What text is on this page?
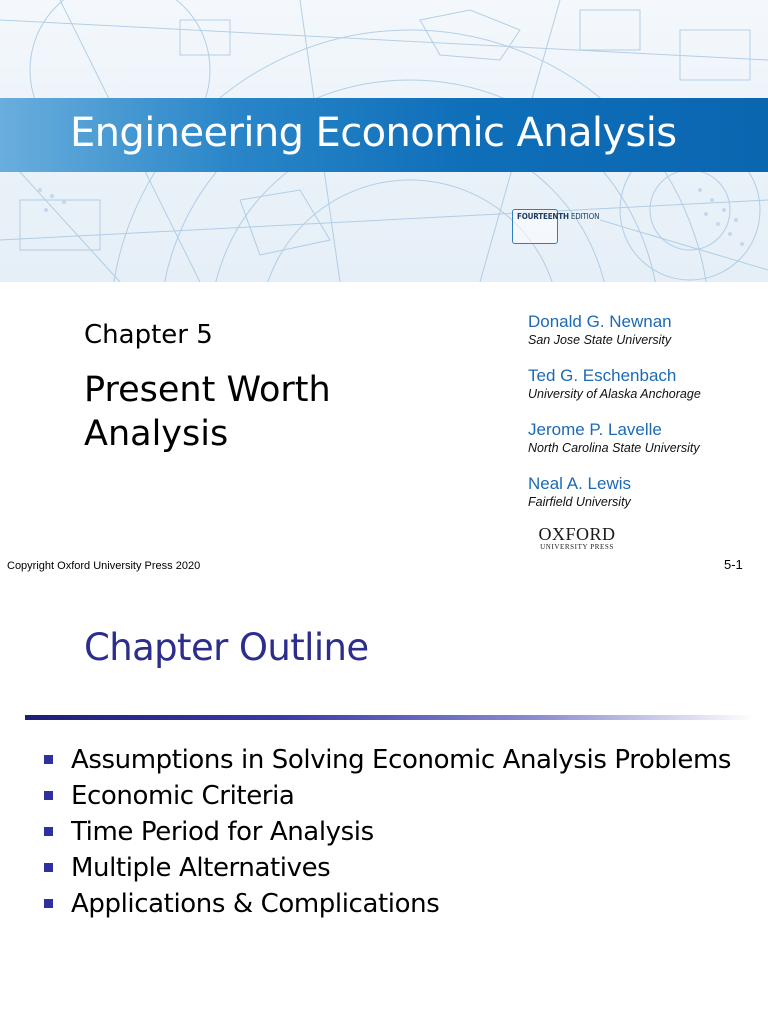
Engineering Economic Analysis
FOURTEENTH EDITION
Chapter 5
Present Worth Analysis
Donald G. Newnan
San Jose State University
Ted G. Eschenbach
University of Alaska Anchorage
Jerome P. Lavelle
North Carolina State University
Neal A. Lewis
Fairfield University
OXFORD
UNIVERSITY PRESS
Copyright Oxford University Press 2020	5-1
Chapter Outline
Assumptions in Solving Economic Analysis Problems
Economic Criteria
Time Period for Analysis
Multiple Alternatives
Applications & Complications
